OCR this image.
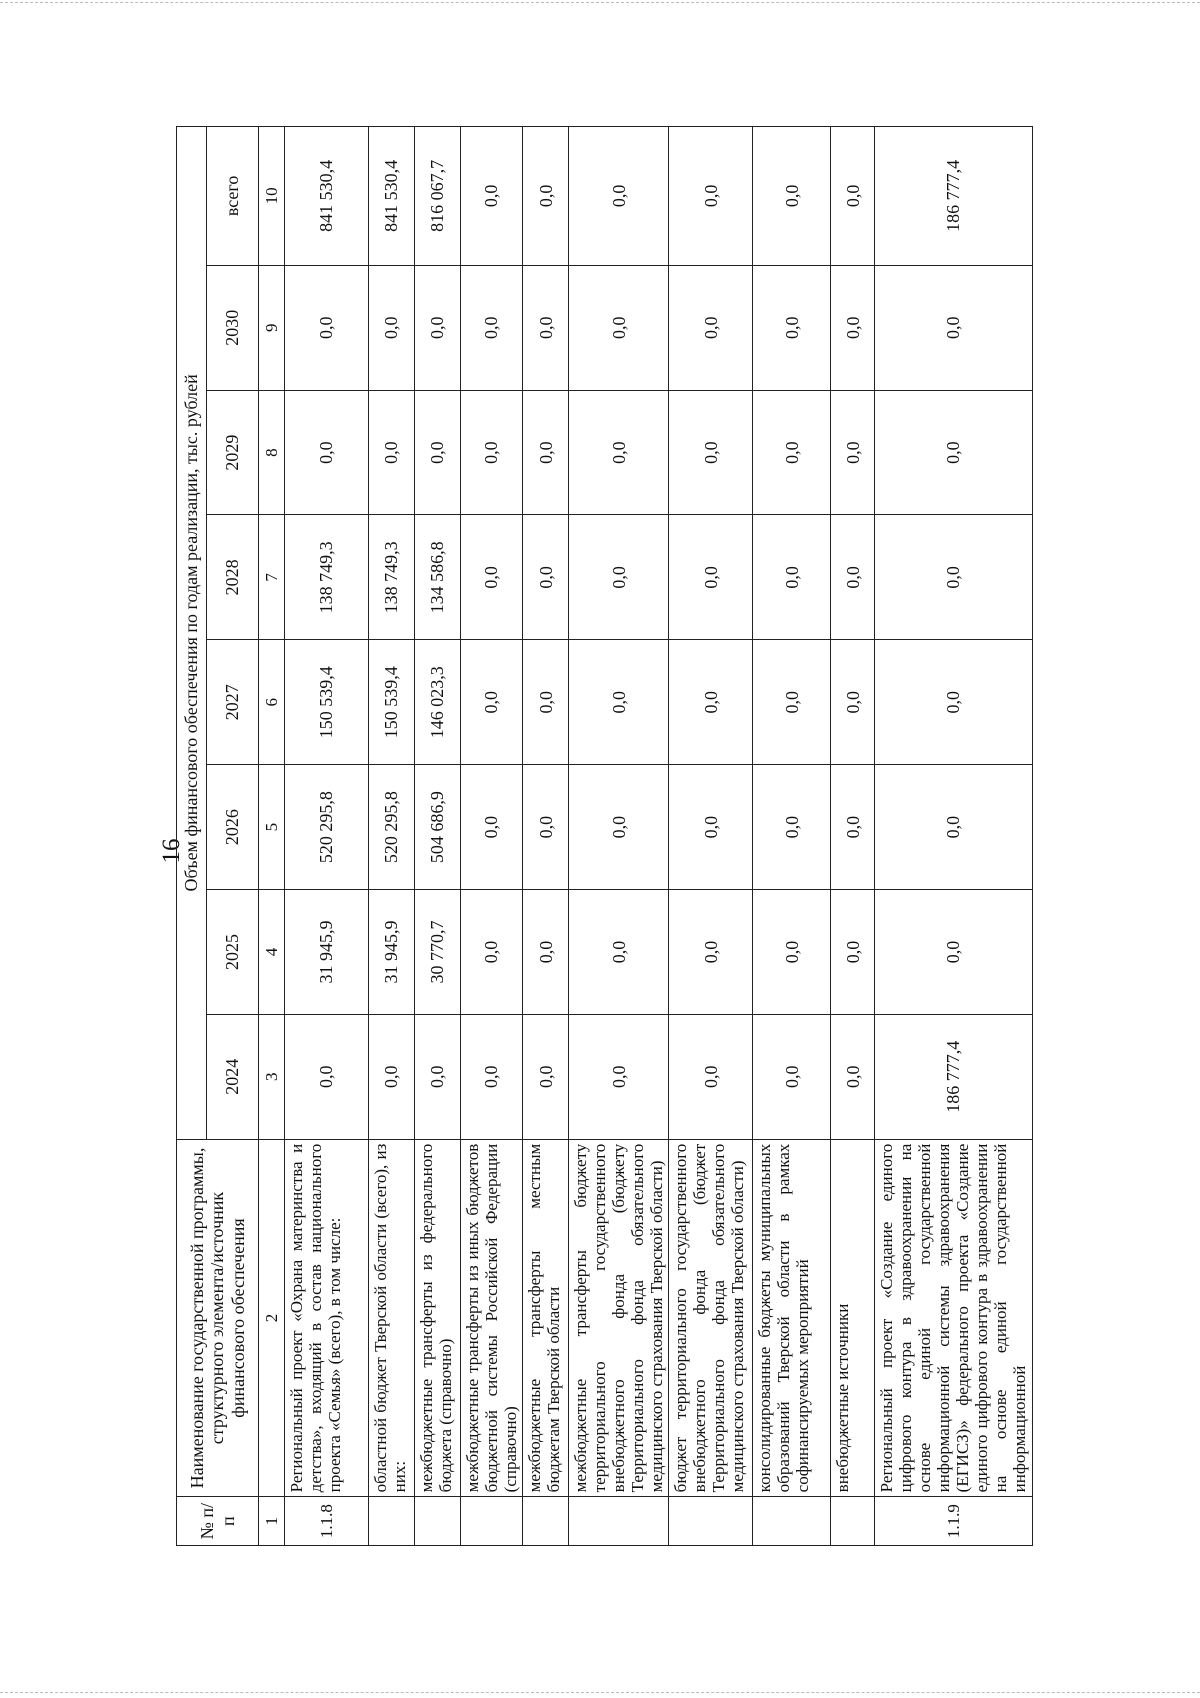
16
№ п/п	Наименование государственной программы, структурного элемента/источник финансового обеспечения	Объем финансового обеспечения по годам реализации, тыс. рублей							
		2024	2025	2026	2027	2028	2029	2030	всего
1	2	3	4	5	6	7	8	9	10
1.1.8	Региональный проект «Охрана материнства и детства», входящий в состав национального проекта «Семья» (всего), в том числе:	0,0	31 945,9	520 295,8	150 539,4	138 749,3	0,0	0,0	841 530,4
	областной бюджет Тверской области (всего), из них:	0,0	31 945,9	520 295,8	150 539,4	138 749,3	0,0	0,0	841 530,4
	межбюджетные трансферты из федерального бюджета (справочно)	0,0	30 770,7	504 686,9	146 023,3	134 586,8	0,0	0,0	816 067,7
	межбюджетные трансферты из иных бюджетов бюджетной системы Российской Федерации (справочно)	0,0	0,0	0,0	0,0	0,0	0,0	0,0	0,0
	межбюджетные трансферты местным бюджетам Тверской области	0,0	0,0	0,0	0,0	0,0	0,0	0,0	0,0
	межбюджетные трансферты бюджету территориального государственного внебюджетного фонда (бюджету Территориального фонда обязательного медицинского страхования Тверской области)	0,0	0,0	0,0	0,0	0,0	0,0	0,0	0,0
	бюджет территориального государственного внебюджетного фонда (бюджет Территориального фонда обязательного медицинского страхования Тверской области)	0,0	0,0	0,0	0,0	0,0	0,0	0,0	0,0
	консолидированные бюджеты муниципальных образований Тверской области в рамках софинансируемых мероприятий	0,0	0,0	0,0	0,0	0,0	0,0	0,0	0,0
	внебюджетные источники	0,0	0,0	0,0	0,0	0,0	0,0	0,0	0,0
1.1.9	Региональный проект «Создание единого цифрового контура в здравоохранении на основе единой государственной информационной системы здравоохранения (ЕГИСЗ)» федерального проекта «Создание единого цифрового контура в здравоохранении на основе единой государственной информационной	186 777,4	0,0	0,0	0,0	0,0	0,0	0,0	186 777,4
